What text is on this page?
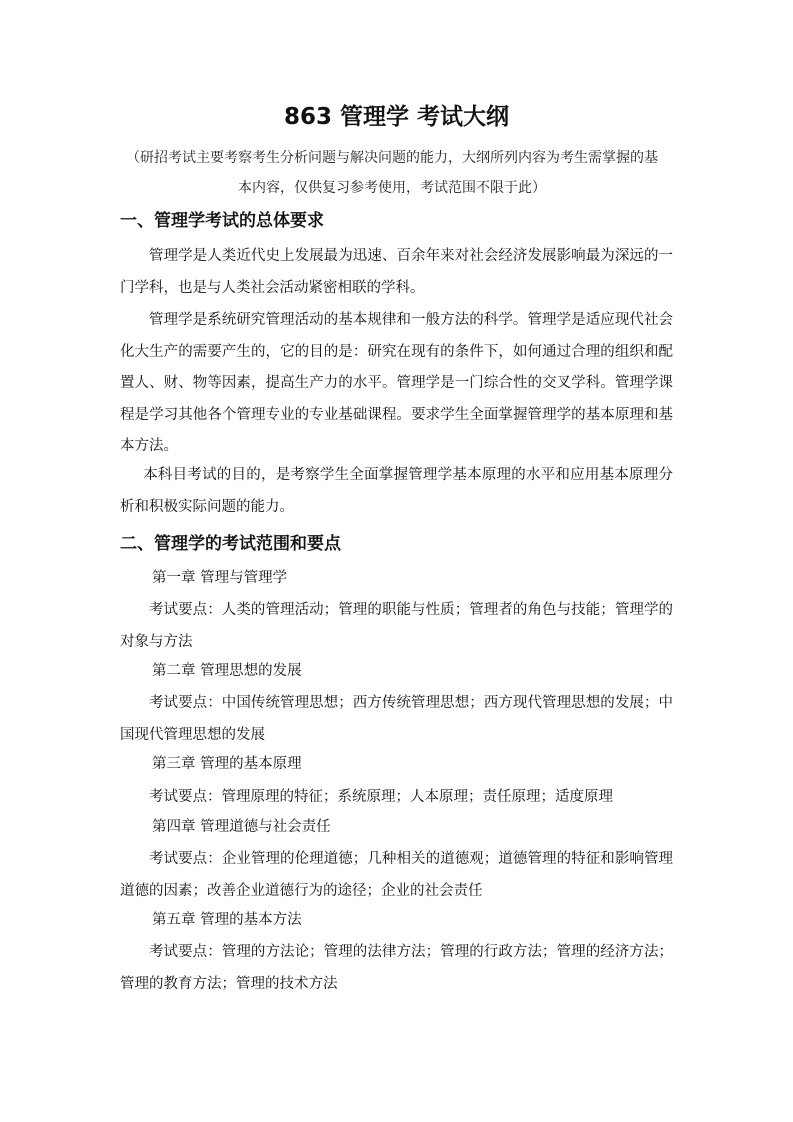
863 管理学 考试大纲

（研招考试主要考察考生分析问题与解决问题的能力，大纲所列内容为考生需掌握的基本内容，仅供复习参考使用，考试范围不限于此）

一、管理学考试的总体要求

管理学是人类近代史上发展最为迅速、百余年来对社会经济发展影响最为深远的一门学科，也是与人类社会活动紧密相联的学科。

管理学是系统研究管理活动的基本规律和一般方法的科学。管理学是适应现代社会化大生产的需要产生的，它的目的是：研究在现有的条件下，如何通过合理的组织和配置人、财、物等因素，提高生产力的水平。管理学是一门综合性的交叉学科。管理学课程是学习其他各个管理专业的专业基础课程。要求学生全面掌握管理学的基本原理和基本方法。

本科目考试的目的，是考察学生全面掌握管理学基本原理的水平和应用基本原理分析和积极实际问题的能力。

二、管理学的考试范围和要点

第一章 管理与管理学

考试要点：人类的管理活动；管理的职能与性质；管理者的角色与技能；管理学的对象与方法

第二章 管理思想的发展

考试要点：中国传统管理思想；西方传统管理思想；西方现代管理思想的发展；中国现代管理思想的发展

第三章 管理的基本原理

考试要点：管理原理的特征；系统原理；人本原理；责任原理；适度原理

第四章 管理道德与社会责任

考试要点：企业管理的伦理道德；几种相关的道德观；道德管理的特征和影响管理道德的因素；改善企业道德行为的途径；企业的社会责任

第五章 管理的基本方法

考试要点：管理的方法论；管理的法律方法；管理的行政方法；管理的经济方法；管理的教育方法；管理的技术方法
